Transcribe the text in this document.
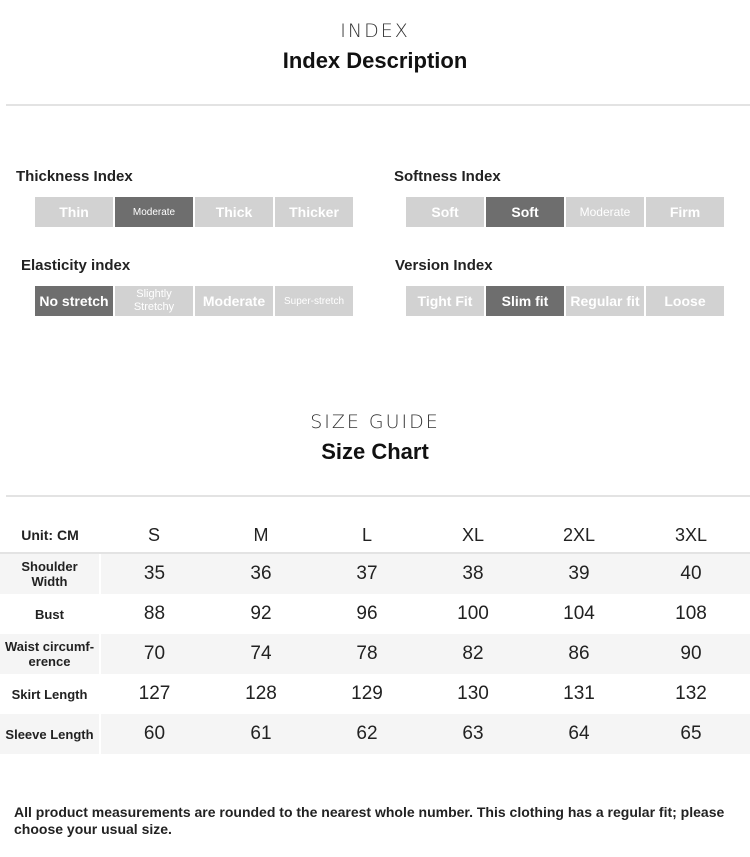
INDEX
Index Description
Thickness Index
Thin	Moderate	Thick	Thicker
Softness Index
Soft	Soft	Moderate	Firm
Elasticity index
No stretch	Slightly Stretchy	Moderate	Super-stretch
Version Index
Tight Fit	Slim fit	Regular fit	Loose
SIZE GUIDE
Size Chart
Unit: CM	S	M	L	XL	2XL	3XL
Shoulder Width	35	36	37	38	39	40
Bust	88	92	96	100	104	108
Waist circumf-erence	70	74	78	82	86	90
Skirt Length	127	128	129	130	131	132
Sleeve Length	60	61	62	63	64	65
All product measurements are rounded to the nearest whole number. This clothing has a regular fit; please choose your usual size.
